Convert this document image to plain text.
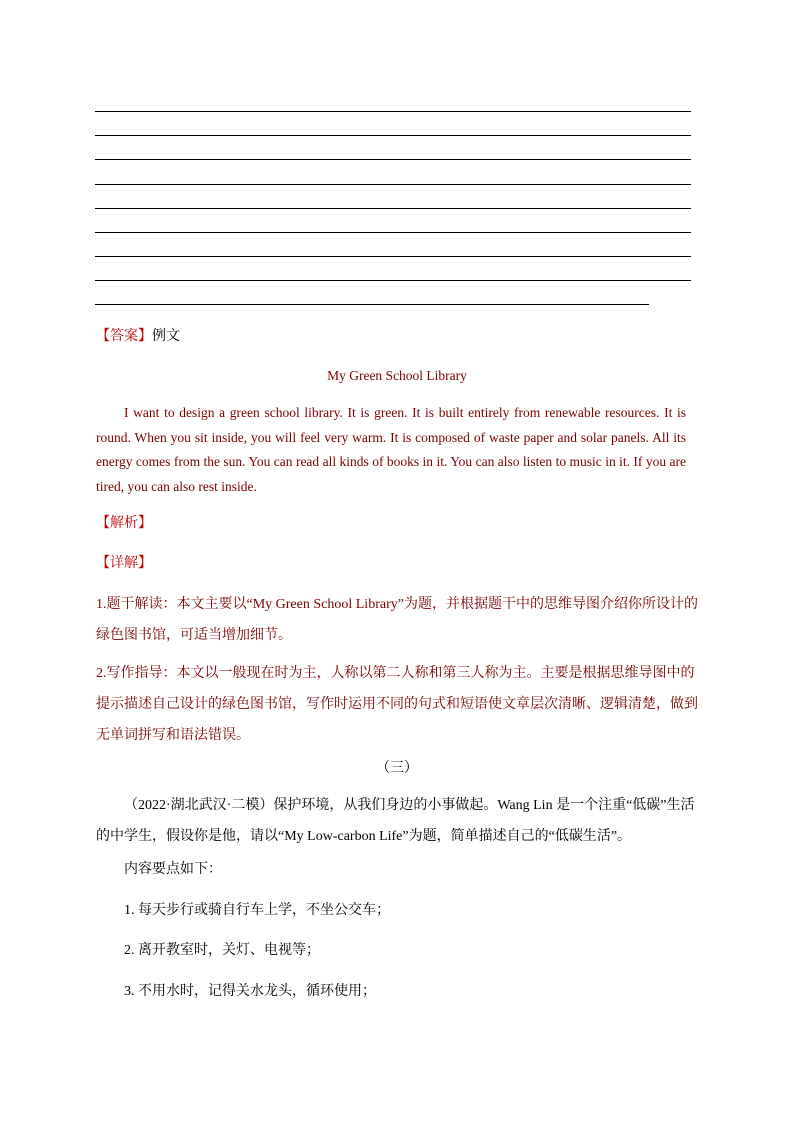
【答案】例文
My Green School Library
I want to design a green school library. It is green. It is built entirely from renewable resources. It is round. When you sit inside, you will feel very warm. It is composed of waste paper and solar panels. All its energy comes from the sun. You can read all kinds of books in it. You can also listen to music in it. If you are tired, you can also rest inside.
【解析】
【详解】
1.题干解读：本文主要以“My Green School Library”为题，并根据题干中的思维导图介绍你所设计的绿色图书馆，可适当增加细节。
2.写作指导：本文以一般现在时为主，人称以第二人称和第三人称为主。主要是根据思维导图中的提示描述自己设计的绿色图书馆，写作时运用不同的句式和短语使文章层次清晰、逻辑清楚，做到无单词拼写和语法错误。
（三）
（2022·湖北武汉·二模）保护环境，从我们身边的小事做起。Wang Lin 是一个注重“低碳”生活的中学生，假设你是他，请以“My Low-carbon Life”为题，简单描述自己的“低碳生活”。
内容要点如下：
1. 每天步行或骑自行车上学，不坐公交车；
2. 离开教室时，关灯、电视等；
3. 不用水时，记得关水龙头，循环使用；
